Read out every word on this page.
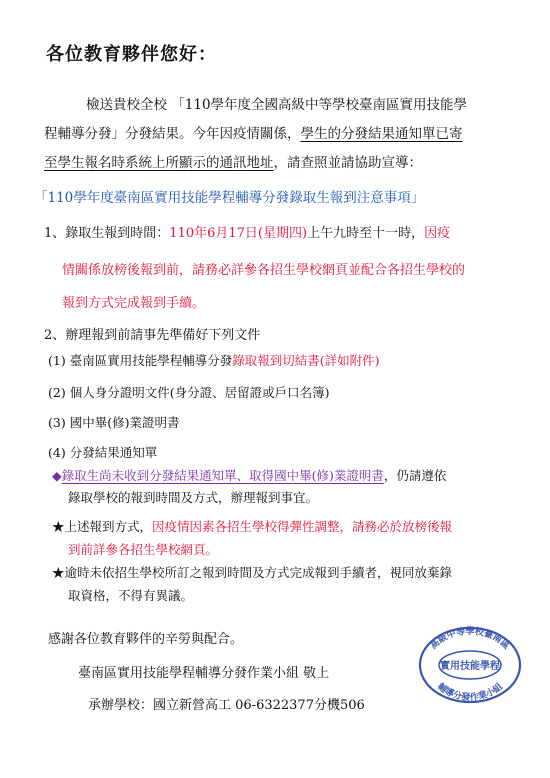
各位教育夥伴您好：
檢送貴校全校 「110學年度全國高級中等學校臺南區實用技能學
程輔導分發」分發結果。今年因疫情關係，學生的分發結果通知單已寄
至學生報名時系統上所顯示的通訊地址，請查照並請協助宣導：
「110學年度臺南區實用技能學程輔導分發錄取生報到注意事項」
1、錄取生報到時間：110年6月17日(星期四)上午九時至十一時，因疫
情關係放榜後報到前，請務必詳參各招生學校網頁並配合各招生學校的
報到方式完成報到手續。
2、辦理報到前請事先準備好下列文件
(1) 臺南區實用技能學程輔導分發錄取報到切結書(詳如附件)
(2) 個人身分證明文件(身分證、居留證或戶口名簿)
(3) 國中畢(修)業證明書
(4) 分發結果通知單
◆錄取生尚未收到分發結果通知單、取得國中畢(修)業證明書，仍請遵依
錄取學校的報到時間及方式，辦理報到事宜。
★上述報到方式，因疫情因素各招生學校得彈性調整，請務必於放榜後報
到前詳參各招生學校網頁。
★逾時未依招生學校所訂之報到時間及方式完成報到手續者，視同放棄錄
取資格，不得有異議。
感謝各位教育夥伴的辛勞與配合。
臺南區實用技能學程輔導分發作業小組 敬上
承辦學校：國立新營高工 06-6322377分機506
高級中等學校臺南區
實用技能學程
輔導分發作業小組
